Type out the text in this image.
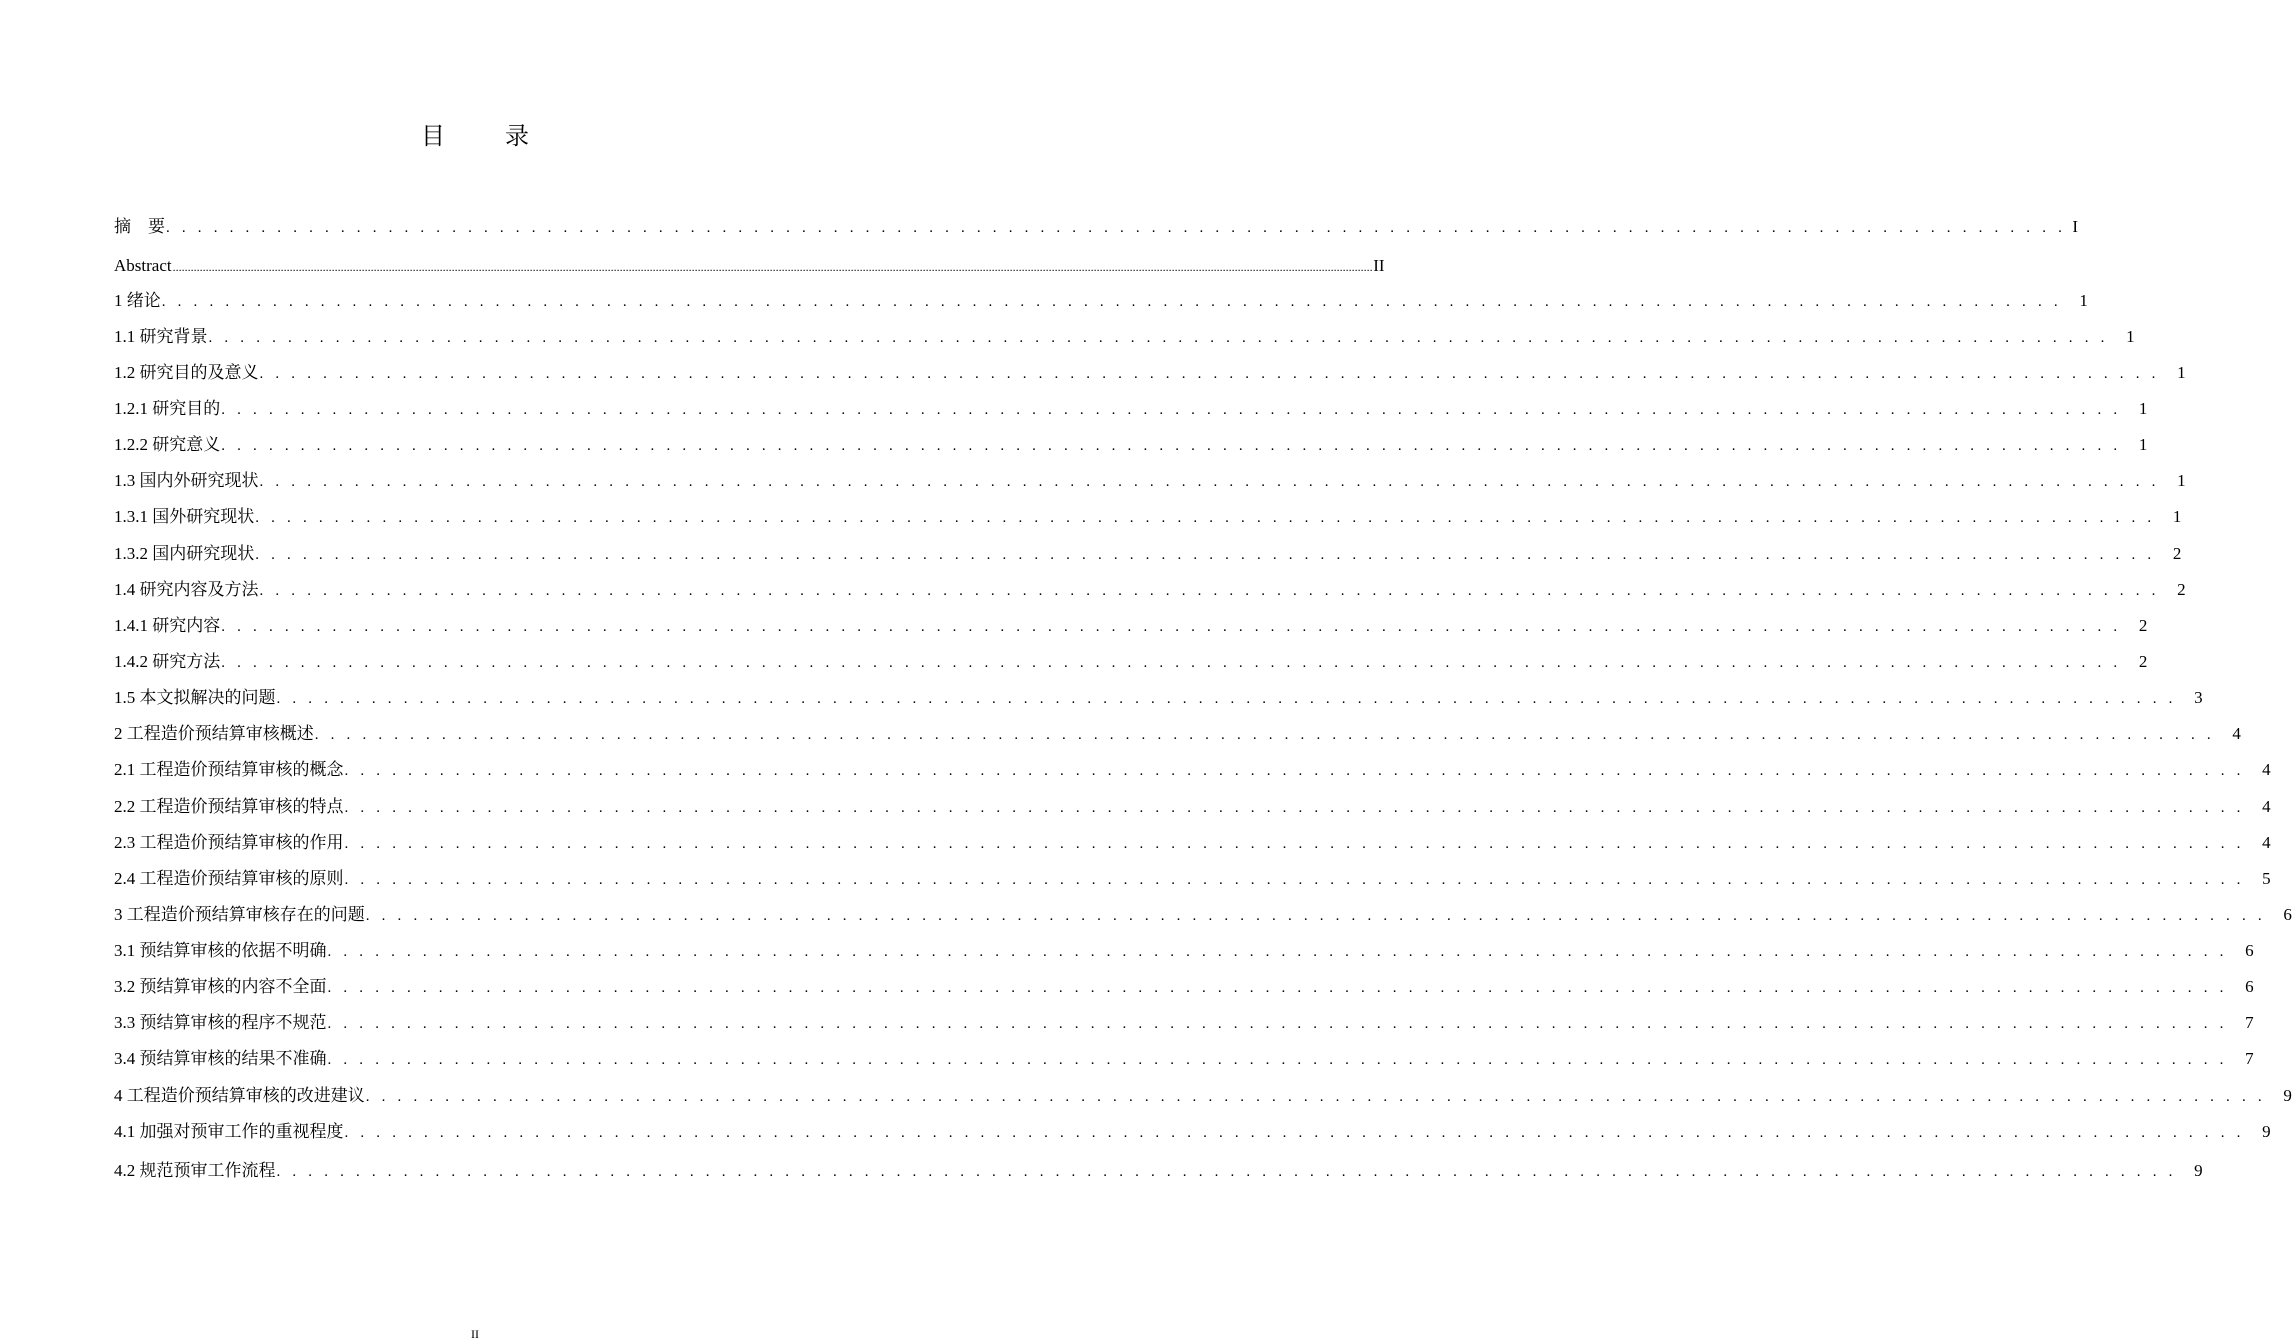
目　录
摘　要 . . . . . . . . . . . . . . . . . . . . . . . . . . . . . . . . . . . . . . . . . . . . . . . . . . . . . . . . . . . . . . . . . . . . . . . . . . . . . . . . . . . . . . . . . . . . . . . . . . . . . . . . . . . . . . . . . . . . . . . . I
Abstract ................................................................................................................................................................................................................................................................................................................................................................................................................ II
1 绪论 . . . . . . . . . . . . . . . . . . . . . . . . . . . . . . . . . . . . . . . . . . . . . . . . . . . . . . . . . . . . . . . . . . . . . . . . . . . . . . . . . . . . . . . . . . . . . . . . . . . . . . . . . . . . . . . . . . . . . . . .	1
1.1 研究背景 . . . . . . . . . . . . . . . . . . . . . . . . . . . . . . . . . . . . . . . . . . . . . . . . . . . . . . . . . . . . . . . . . . . . . . . . . . . . . . . . . . . . . . . . . . . . . . . . . . . . . . . . . . . . . . . . . . . . . . . .	1
1.2 研究目的及意义 . . . . . . . . . . . . . . . . . . . . . . . . . . . . . . . . . . . . . . . . . . . . . . . . . . . . . . . . . . . . . . . . . . . . . . . . . . . . . . . . . . . . . . . . . . . . . . . . . . . . . . . . . . . . . . . . . . . . . . . .	1
1.2.1 研究目的 . . . . . . . . . . . . . . . . . . . . . . . . . . . . . . . . . . . . . . . . . . . . . . . . . . . . . . . . . . . . . . . . . . . . . . . . . . . . . . . . . . . . . . . . . . . . . . . . . . . . . . . . . . . . . . . . . . . . . . . .	1
1.2.2 研究意义 . . . . . . . . . . . . . . . . . . . . . . . . . . . . . . . . . . . . . . . . . . . . . . . . . . . . . . . . . . . . . . . . . . . . . . . . . . . . . . . . . . . . . . . . . . . . . . . . . . . . . . . . . . . . . . . . . . . . . . . .	1
1.3 国内外研究现状 . . . . . . . . . . . . . . . . . . . . . . . . . . . . . . . . . . . . . . . . . . . . . . . . . . . . . . . . . . . . . . . . . . . . . . . . . . . . . . . . . . . . . . . . . . . . . . . . . . . . . . . . . . . . . . . . . . . . . . . .	1
1.3.1 国外研究现状 . . . . . . . . . . . . . . . . . . . . . . . . . . . . . . . . . . . . . . . . . . . . . . . . . . . . . . . . . . . . . . . . . . . . . . . . . . . . . . . . . . . . . . . . . . . . . . . . . . . . . . . . . . . . . . . . . . . . . . . .	1
1.3.2 国内研究现状 . . . . . . . . . . . . . . . . . . . . . . . . . . . . . . . . . . . . . . . . . . . . . . . . . . . . . . . . . . . . . . . . . . . . . . . . . . . . . . . . . . . . . . . . . . . . . . . . . . . . . . . . . . . . . . . . . . . . . . . .	2
1.4 研究内容及方法 . . . . . . . . . . . . . . . . . . . . . . . . . . . . . . . . . . . . . . . . . . . . . . . . . . . . . . . . . . . . . . . . . . . . . . . . . . . . . . . . . . . . . . . . . . . . . . . . . . . . . . . . . . . . . . . . . . . . . . . .	2
1.4.1 研究内容 . . . . . . . . . . . . . . . . . . . . . . . . . . . . . . . . . . . . . . . . . . . . . . . . . . . . . . . . . . . . . . . . . . . . . . . . . . . . . . . . . . . . . . . . . . . . . . . . . . . . . . . . . . . . . . . . . . . . . . . .	2
1.4.2 研究方法 . . . . . . . . . . . . . . . . . . . . . . . . . . . . . . . . . . . . . . . . . . . . . . . . . . . . . . . . . . . . . . . . . . . . . . . . . . . . . . . . . . . . . . . . . . . . . . . . . . . . . . . . . . . . . . . . . . . . . . . .	2
1.5 本文拟解决的问题 . . . . . . . . . . . . . . . . . . . . . . . . . . . . . . . . . . . . . . . . . . . . . . . . . . . . . . . . . . . . . . . . . . . . . . . . . . . . . . . . . . . . . . . . . . . . . . . . . . . . . . . . . . . . . . . . . . . . . . . .	3
2 工程造价预结算审核概述 . . . . . . . . . . . . . . . . . . . . . . . . . . . . . . . . . . . . . . . . . . . . . . . . . . . . . . . . . . . . . . . . . . . . . . . . . . . . . . . . . . . . . . . . . . . . . . . . . . . . . . . . . . . . . . . . . . . . . . . .	4
2.1 工程造价预结算审核的概念 . . . . . . . . . . . . . . . . . . . . . . . . . . . . . . . . . . . . . . . . . . . . . . . . . . . . . . . . . . . . . . . . . . . . . . . . . . . . . . . . . . . . . . . . . . . . . . . . . . . . . . . . . . . . . . . . . . . . . . . .	4
2.2 工程造价预结算审核的特点 . . . . . . . . . . . . . . . . . . . . . . . . . . . . . . . . . . . . . . . . . . . . . . . . . . . . . . . . . . . . . . . . . . . . . . . . . . . . . . . . . . . . . . . . . . . . . . . . . . . . . . . . . . . . . . . . . . . . . . . .	4
2.3 工程造价预结算审核的作用 . . . . . . . . . . . . . . . . . . . . . . . . . . . . . . . . . . . . . . . . . . . . . . . . . . . . . . . . . . . . . . . . . . . . . . . . . . . . . . . . . . . . . . . . . . . . . . . . . . . . . . . . . . . . . . . . . . . . . . . .	4
2.4 工程造价预结算审核的原则 . . . . . . . . . . . . . . . . . . . . . . . . . . . . . . . . . . . . . . . . . . . . . . . . . . . . . . . . . . . . . . . . . . . . . . . . . . . . . . . . . . . . . . . . . . . . . . . . . . . . . . . . . . . . . . . . . . . . . . . .	5
3 工程造价预结算审核存在的问题 . . . . . . . . . . . . . . . . . . . . . . . . . . . . . . . . . . . . . . . . . . . . . . . . . . . . . . . . . . . . . . . . . . . . . . . . . . . . . . . . . . . . . . . . . . . . . . . . . . . . . . . . . . . . . . . . . . . . . . . .	6
3.1 预结算审核的依据不明确 . . . . . . . . . . . . . . . . . . . . . . . . . . . . . . . . . . . . . . . . . . . . . . . . . . . . . . . . . . . . . . . . . . . . . . . . . . . . . . . . . . . . . . . . . . . . . . . . . . . . . . . . . . . . . . . . . . . . . . . .	6
3.2 预结算审核的内容不全面 . . . . . . . . . . . . . . . . . . . . . . . . . . . . . . . . . . . . . . . . . . . . . . . . . . . . . . . . . . . . . . . . . . . . . . . . . . . . . . . . . . . . . . . . . . . . . . . . . . . . . . . . . . . . . . . . . . . . . . . .	6
3.3 预结算审核的程序不规范 . . . . . . . . . . . . . . . . . . . . . . . . . . . . . . . . . . . . . . . . . . . . . . . . . . . . . . . . . . . . . . . . . . . . . . . . . . . . . . . . . . . . . . . . . . . . . . . . . . . . . . . . . . . . . . . . . . . . . . . .	7
3.4 预结算审核的结果不准确 . . . . . . . . . . . . . . . . . . . . . . . . . . . . . . . . . . . . . . . . . . . . . . . . . . . . . . . . . . . . . . . . . . . . . . . . . . . . . . . . . . . . . . . . . . . . . . . . . . . . . . . . . . . . . . . . . . . . . . . .	7
4 工程造价预结算审核的改进建议 . . . . . . . . . . . . . . . . . . . . . . . . . . . . . . . . . . . . . . . . . . . . . . . . . . . . . . . . . . . . . . . . . . . . . . . . . . . . . . . . . . . . . . . . . . . . . . . . . . . . . . . . . . . . . . . . . . . . . . . .	9
4.1 加强对预审工作的重视程度 . . . . . . . . . . . . . . . . . . . . . . . . . . . . . . . . . . . . . . . . . . . . . . . . . . . . . . . . . . . . . . . . . . . . . . . . . . . . . . . . . . . . . . . . . . . . . . . . . . . . . . . . . . . . . . . . . . . . . . . .	9
4.2 规范预审工作流程 . . . . . . . . . . . . . . . . . . . . . . . . . . . . . . . . . . . . . . . . . . . . . . . . . . . . . . . . . . . . . . . . . . . . . . . . . . . . . . . . . . . . . . . . . . . . . . . . . . . . . . . . . . . . . . . . . . . . . . . .	9
II
